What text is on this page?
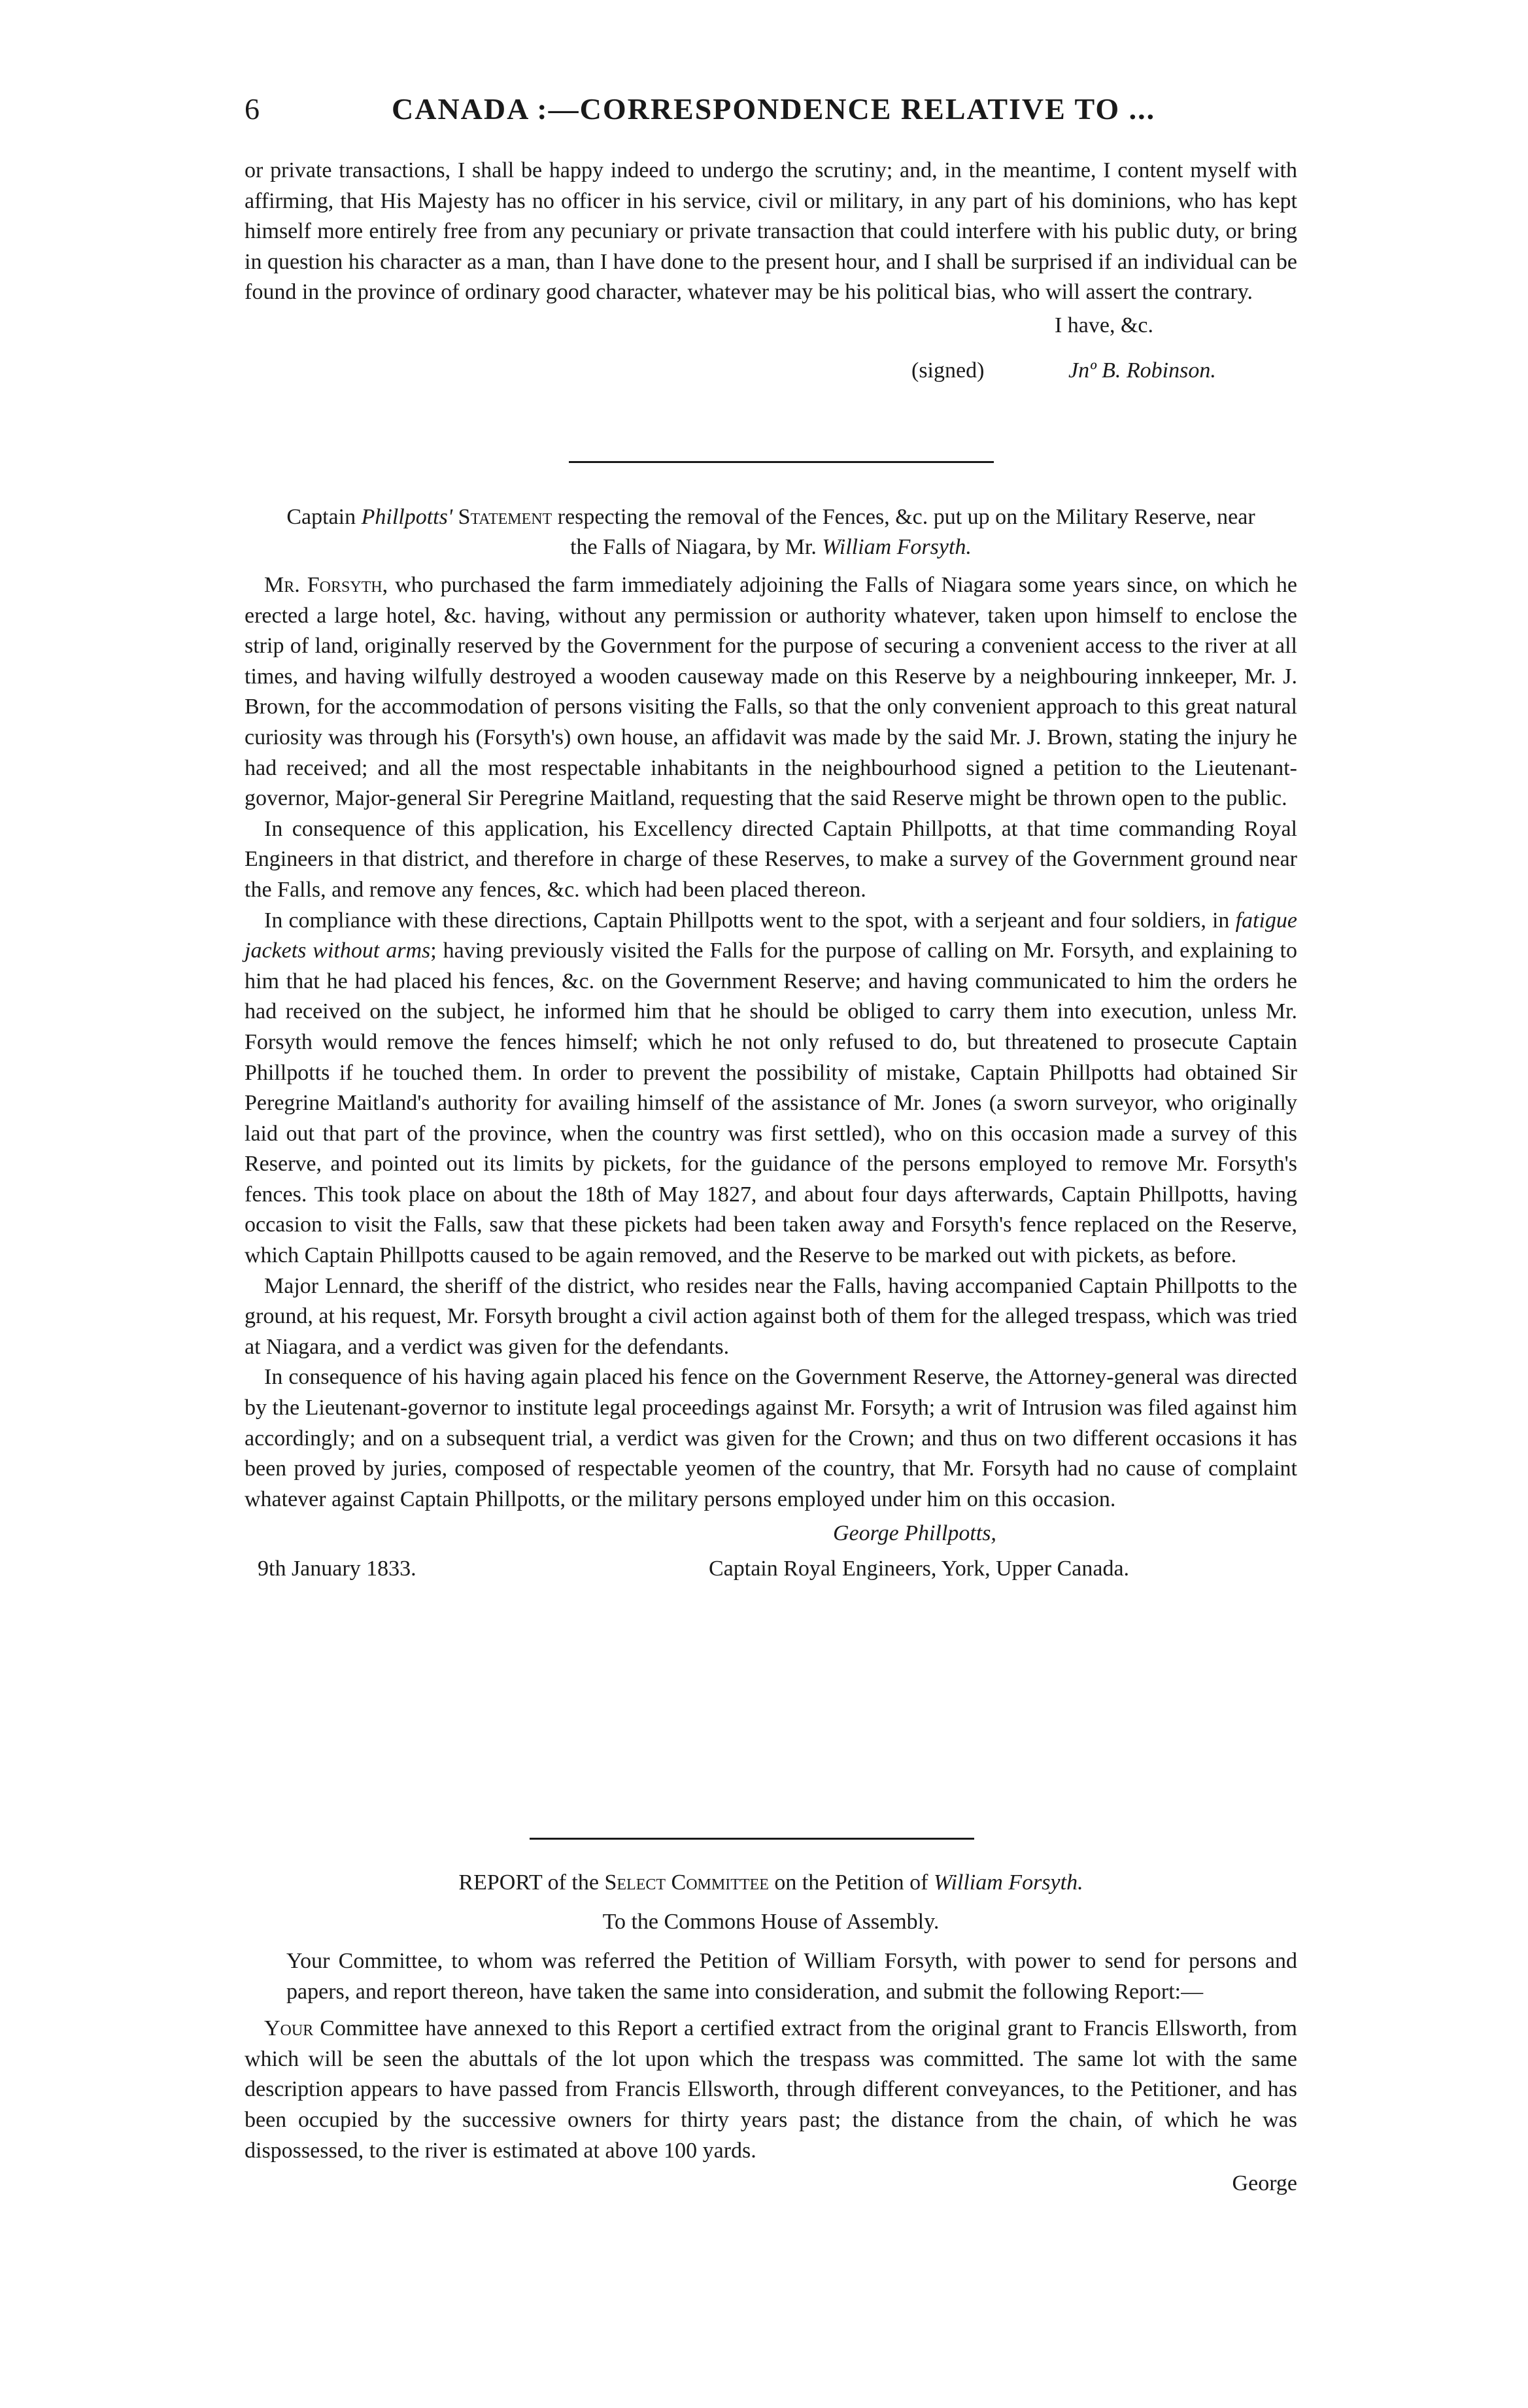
6	CANADA :—CORRESPONDENCE RELATIVE TO ...

or private transactions, I shall be happy indeed to undergo the scrutiny; and, in the meantime, I content myself with affirming, that His Majesty has no officer in his service, civil or military, in any part of his dominions, who has kept himself more entirely free from any pecuniary or private transaction that could interfere with his public duty, or bring in question his character as a man, than I have done to the present hour, and I shall be surprised if an individual can be found in the province of ordinary good character, whatever may be his political bias, who will assert the contrary.

I have, &c.

(signed)	Jnº B. Robinson.

Captain Phillpotts' Statement respecting the removal of the Fences, &c. put up on the Military Reserve, near the Falls of Niagara, by Mr. William Forsyth.

Mr. Forsyth, who purchased the farm immediately adjoining the Falls of Niagara some years since, on which he erected a large hotel, &c. having, without any permission or authority whatever, taken upon himself to enclose the strip of land, originally reserved by the Government for the purpose of securing a convenient access to the river at all times, and having wilfully destroyed a wooden causeway made on this Reserve by a neighbouring innkeeper, Mr. J. Brown, for the accommodation of persons visiting the Falls, so that the only convenient approach to this great natural curiosity was through his (Forsyth's) own house, an affidavit was made by the said Mr. J. Brown, stating the injury he had received; and all the most respectable inhabitants in the neighbourhood signed a petition to the Lieutenant-governor, Major-general Sir Peregrine Maitland, requesting that the said Reserve might be thrown open to the public.

In consequence of this application, his Excellency directed Captain Phillpotts, at that time commanding Royal Engineers in that district, and therefore in charge of these Reserves, to make a survey of the Government ground near the Falls, and remove any fences, &c. which had been placed thereon.

In compliance with these directions, Captain Phillpotts went to the spot, with a serjeant and four soldiers, in fatigue jackets without arms; having previously visited the Falls for the purpose of calling on Mr. Forsyth, and explaining to him that he had placed his fences, &c. on the Government Reserve; and having communicated to him the orders he had received on the subject, he informed him that he should be obliged to carry them into execution, unless Mr. Forsyth would remove the fences himself; which he not only refused to do, but threatened to prosecute Captain Phillpotts if he touched them. In order to prevent the possibility of mistake, Captain Phillpotts had obtained Sir Peregrine Maitland's authority for availing himself of the assistance of Mr. Jones (a sworn surveyor, who originally laid out that part of the province, when the country was first settled), who on this occasion made a survey of this Reserve, and pointed out its limits by pickets, for the guidance of the persons employed to remove Mr. Forsyth's fences. This took place on about the 18th of May 1827, and about four days afterwards, Captain Phillpotts, having occasion to visit the Falls, saw that these pickets had been taken away and Forsyth's fence replaced on the Reserve, which Captain Phillpotts caused to be again removed, and the Reserve to be marked out with pickets, as before.

Major Lennard, the sheriff of the district, who resides near the Falls, having accompanied Captain Phillpotts to the ground, at his request, Mr. Forsyth brought a civil action against both of them for the alleged trespass, which was tried at Niagara, and a verdict was given for the defendants.

In consequence of his having again placed his fence on the Government Reserve, the Attorney-general was directed by the Lieutenant-governor to institute legal proceedings against Mr. Forsyth; a writ of Intrusion was filed against him accordingly; and on a subsequent trial, a verdict was given for the Crown; and thus on two different occasions it has been proved by juries, composed of respectable yeomen of the country, that Mr. Forsyth had no cause of complaint whatever against Captain Phillpotts, or the military persons employed under him on this occasion.

George Phillpotts,
9th January 1833.	Captain Royal Engineers, York, Upper Canada.

REPORT of the Select Committee on the Petition of William Forsyth.

To the Commons House of Assembly.

Your Committee, to whom was referred the Petition of William Forsyth, with power to send for persons and papers, and report thereon, have taken the same into consideration, and submit the following Report:—

Your Committee have annexed to this Report a certified extract from the original grant to Francis Ellsworth, from which will be seen the abuttals of the lot upon which the trespass was committed. The same lot with the same description appears to have passed from Francis Ellsworth, through different conveyances, to the Petitioner, and has been occupied by the successive owners for thirty years past; the distance from the chain, of which he was dispossessed, to the river is estimated at above 100 yards.

George
